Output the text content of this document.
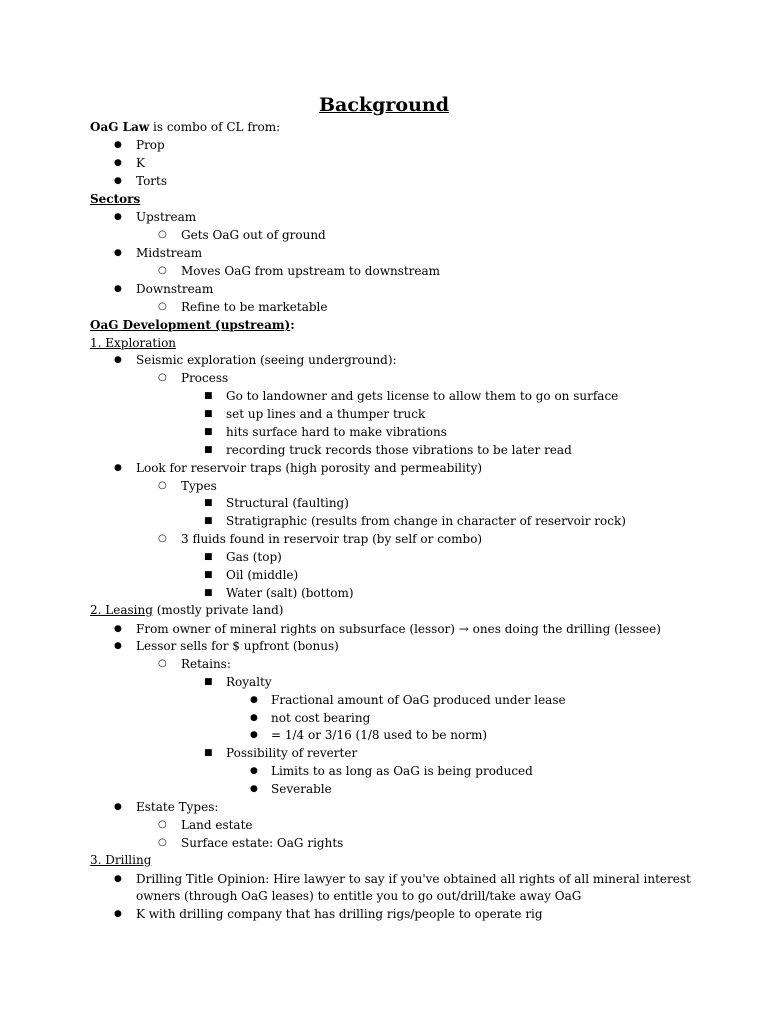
Background
OaG Law is combo of CL from:
● Prop
● K
● Torts
Sectors
● Upstream
○ Gets OaG out of ground
● Midstream
○ Moves OaG from upstream to downstream
● Downstream
○ Refine to be marketable
OaG Development (upstream):
1. Exploration
● Seismic exploration (seeing underground):
○ Process
■ Go to landowner and gets license to allow them to go on surface
■ set up lines and a thumper truck
■ hits surface hard to make vibrations
■ recording truck records those vibrations to be later read
● Look for reservoir traps (high porosity and permeability)
○ Types
■ Structural (faulting)
■ Stratigraphic (results from change in character of reservoir rock)
○ 3 fluids found in reservoir trap (by self or combo)
■ Gas (top)
■ Oil (middle)
■ Water (salt) (bottom)
2. Leasing (mostly private land)
● From owner of mineral rights on subsurface (lessor) → ones doing the drilling (lessee)
● Lessor sells for $ upfront (bonus)
○ Retains:
■ Royalty
● Fractional amount of OaG produced under lease
● not cost bearing
● = 1/4 or 3/16 (1/8 used to be norm)
■ Possibility of reverter
● Limits to as long as OaG is being produced
● Severable
● Estate Types:
○ Land estate
○ Surface estate: OaG rights
3. Drilling
● Drilling Title Opinion: Hire lawyer to say if you've obtained all rights of all mineral interest
owners (through OaG leases) to entitle you to go out/drill/take away OaG
● K with drilling company that has drilling rigs/people to operate rig
